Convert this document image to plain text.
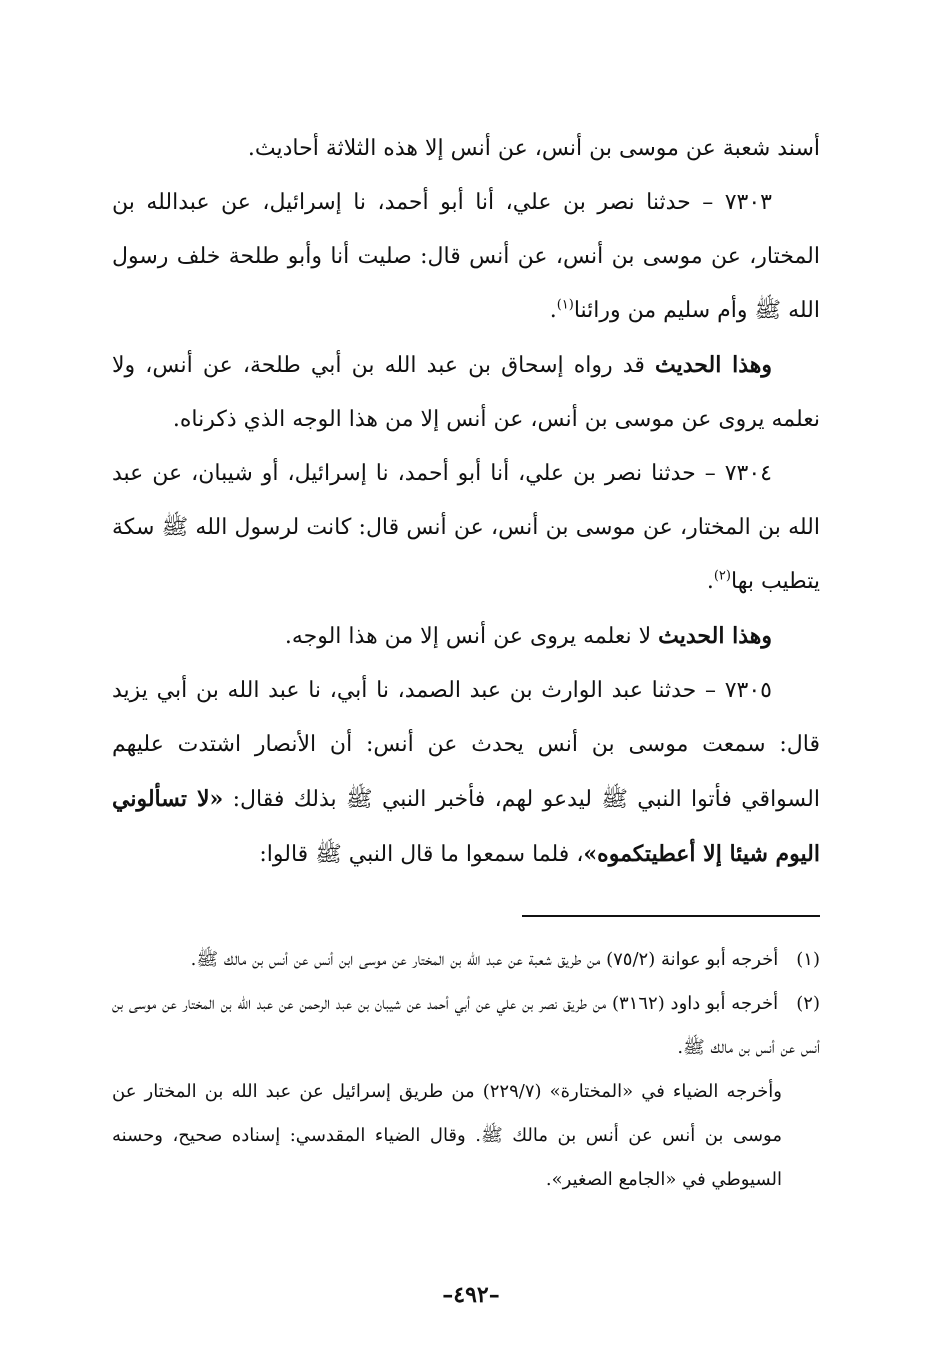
أسند شعبة عن موسى بن أنس، عن أنس إلا هذه الثلاثة أحاديث.

٧٣٠٣ – حدثنا نصر بن علي، أنا أبو أحمد، نا إسرائيل، عن عبدالله بن المختار، عن موسى بن أنس، عن أنس قال: صليت أنا وأبو طلحة خلف رسول الله ﷺ وأم سليم من ورائنا$^{(١)}$.

وهذا الحديث قد رواه إسحاق بن عبد الله بن أبي طلحة، عن أنس، ولا نعلمه يروى عن موسى بن أنس، عن أنس إلا من هذا الوجه الذي ذكرناه.

٧٣٠٤ – حدثنا نصر بن علي، أنا أبو أحمد، نا إسرائيل، أو شيبان، عن عبد الله بن المختار، عن موسى بن أنس، عن أنس قال: كانت لرسول الله ﷺ سكة يتطيب بها$^{(٢)}$.

وهذا الحديث لا نعلمه يروى عن أنس إلا من هذا الوجه.

٧٣٠٥ – حدثنا عبد الوارث بن عبد الصمد، نا أبي، نا عبد الله بن أبي يزيد قال: سمعت موسى بن أنس يحدث عن أنس: أن الأنصار اشتدت عليهم السواقي فأتوا النبي ﷺ ليدعو لهم، فأخبر النبي ﷺ بذلك فقال: «لا تسألوني اليوم شيئا إلا أعطيتكموه»، فلما سمعوا ما قال النبي ﷺ قالوا:

(١) أخرجه أبو عوانة (٧٥/٢) من طريق شعبة عن عبد الله بن المختار عن موسى ابن أنس عن أنس بن مالك ﷺ.

(٢) أخرجه أبو داود (٣١٦٢) من طريق نصر بن علي عن أبي أحمد عن شيبان بن عبد الرحمن عن عبد الله بن المختار عن موسى بن أنس عن أنس بن مالك ﷺ.

وأخرجه الضياء في «المختارة» (٢٢٩/٧) من طريق إسرائيل عن عبد الله بن المختار عن موسى بن أنس عن أنس بن مالك ﷺ. وقال الضياء المقدسي: إسناده صحيح، وحسنه السيوطي في «الجامع الصغير».

–٤٩٢–
